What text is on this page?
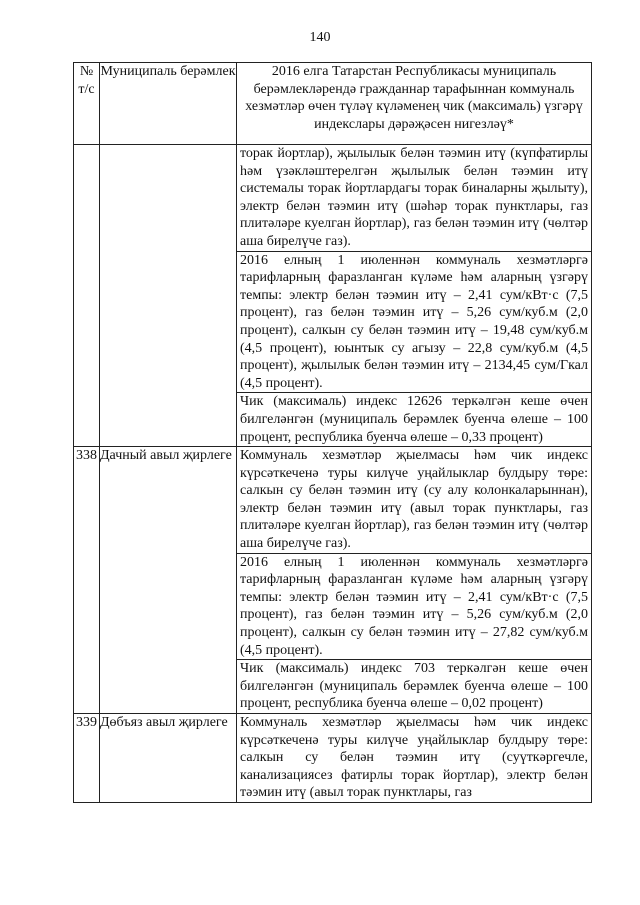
140
№ т/с	Муниципаль берәмлек	2016 елга Татарстан Республикасы муниципаль берәмлекләрендә гражданнар тарафыннан коммуналь хезмәтләр өчен түләү күләменең чик (максималь) үзгәрү индекслары дәрәҗәсен нигезләү*

		торак йортлар), җылылык белән тәэмин итү (күпфатирлы һәм үзәкләштерелгән җылылык белән тәэмин итү системалы торак йортлардагы торак биналарны җылыту), электр белән тәэмин итү (шәһәр торак пунктлары, газ плитәләре куелган йортлар), газ белән тәэмин итү (чөлтәр аша бирелүче газ).
2016 елның 1 июленнән коммуналь хезмәтләргә тарифларның фаразланган күләме һәм аларның үзгәрү темпы: электр белән тәэмин итү – 2,41 сум/кВт·с (7,5 процент), газ белән тәэмин итү – 5,26 сум/куб.м (2,0 процент), салкын су белән тәэмин итү – 19,48 сум/куб.м (4,5 процент), юынтык су агызу – 22,8 сум/куб.м (4,5 процент), җылылык белән тәэмин итү – 2134,45 сум/Гкал (4,5 процент).
Чик (максималь) индекс 12626 теркәлгән кеше өчен билгеләнгән (муниципаль берәмлек буенча өлеше – 100 процент, республика буенча өлеше – 0,33 процент)

338	Дачный авыл җирлеге	Коммуналь хезмәтләр җыелмасы һәм чик индекс күрсәткеченә туры килүче уңайлыклар булдыру төре: салкын су белән тәэмин итү (су алу колонкаларыннан), электр белән тәэмин итү (авыл торак пунктлары, газ плитәләре куелган йортлар), газ белән тәэмин итү (чөлтәр аша бирелүче газ).
2016 елның 1 июленнән коммуналь хезмәтләргә тарифларның фаразланган күләме һәм аларның үзгәрү темпы: электр белән тәэмин итү – 2,41 сум/кВт·с (7,5 процент), газ белән тәэмин итү – 5,26 сум/куб.м (2,0 процент), салкын су белән тәэмин итү – 27,82 сум/куб.м (4,5 процент).
Чик (максималь) индекс 703 теркәлгән кеше өчен билгеләнгән (муниципаль берәмлек буенча өлеше – 100 процент, республика буенча өлеше – 0,02 процент)

339	Дөбъяз авыл җирлеге	Коммуналь хезмәтләр җыелмасы һәм чик индекс күрсәткеченә туры килүче уңайлыклар булдыру төре: салкын су белән тәэмин итү (суүткәргечле, канализациясез фатирлы торак йортлар), электр белән тәэмин итү (авыл торак пунктлары, газ
